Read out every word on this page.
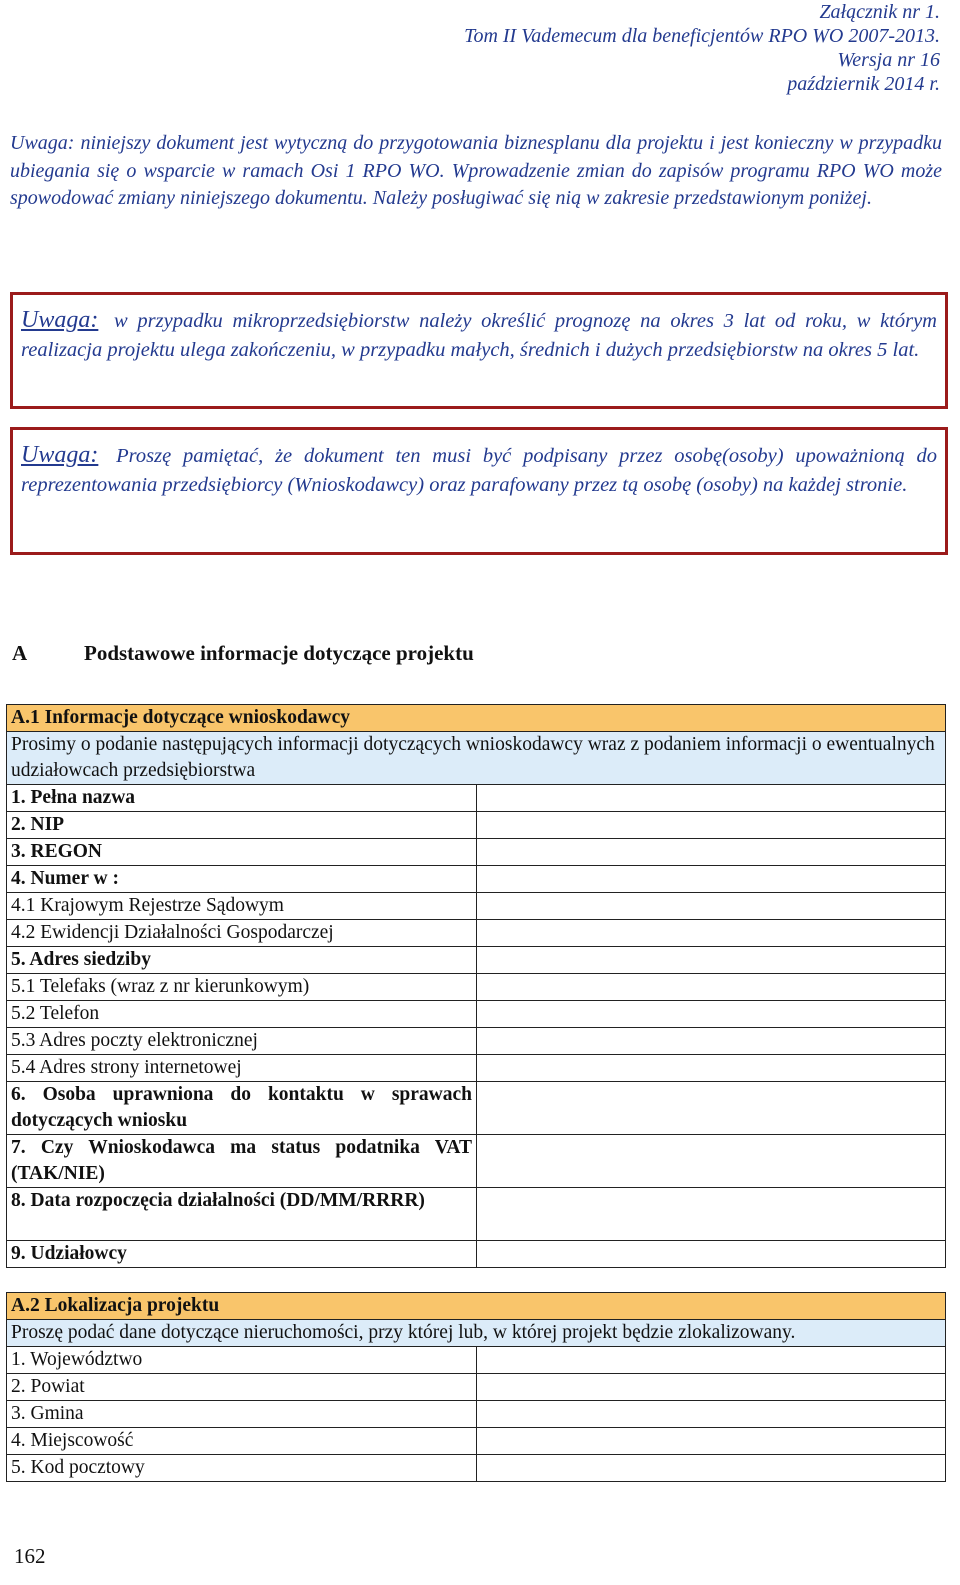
Załącznik nr 1.
Tom II Vademecum dla beneficjentów RPO WO 2007-2013.
Wersja nr 16
październik 2014 r.
Uwaga: niniejszy dokument jest wytyczną do przygotowania biznesplanu dla projektu i jest konieczny w przypadku ubiegania się o wsparcie w ramach Osi 1 RPO WO. Wprowadzenie zmian do zapisów programu RPO WO może spowodować zmiany niniejszego dokumentu. Należy posługiwać się nią w zakresie przedstawionym poniżej.
Uwaga: w przypadku mikroprzedsiębiorstw należy określić prognozę na okres 3 lat od roku, w którym realizacja projektu ulega zakończeniu, w przypadku małych, średnich i dużych przedsiębiorstw na okres 5 lat.
Uwaga: Proszę pamiętać, że dokument ten musi być podpisany przez osobę(osoby) upoważnioną do reprezentowania przedsiębiorcy (Wnioskodawcy) oraz parafowany przez tą osobę (osoby) na każdej stronie.
A	Podstawowe informacje dotyczące projektu
A.1 Informacje dotyczące wnioskodawcy	
Prosimy o podanie następujących informacji dotyczących wnioskodawcy wraz z podaniem informacji o ewentualnych udziałowcach przedsiębiorstwa	
1. Pełna nazwa	
2. NIP	
3. REGON	
4. Numer w :	
4.1 Krajowym Rejestrze Sądowym	
4.2 Ewidencji Działalności Gospodarczej	
5. Adres siedziby	
5.1 Telefaks (wraz z nr kierunkowym)	
5.2 Telefon	
5.3 Adres poczty elektronicznej	
5.4 Adres strony internetowej	
6. Osoba uprawniona do kontaktu w sprawach dotyczących wniosku	
7. Czy Wnioskodawca ma status podatnika VAT (TAK/NIE)	
8. Data rozpoczęcia działalności (DD/MM/RRRR)	
9. Udziałowcy	
A.2 Lokalizacja projektu	
Proszę podać dane dotyczące nieruchomości, przy której lub, w której projekt będzie zlokalizowany.	
1. Województwo	
2. Powiat	
3. Gmina	
4. Miejscowość	
5. Kod pocztowy	
162
